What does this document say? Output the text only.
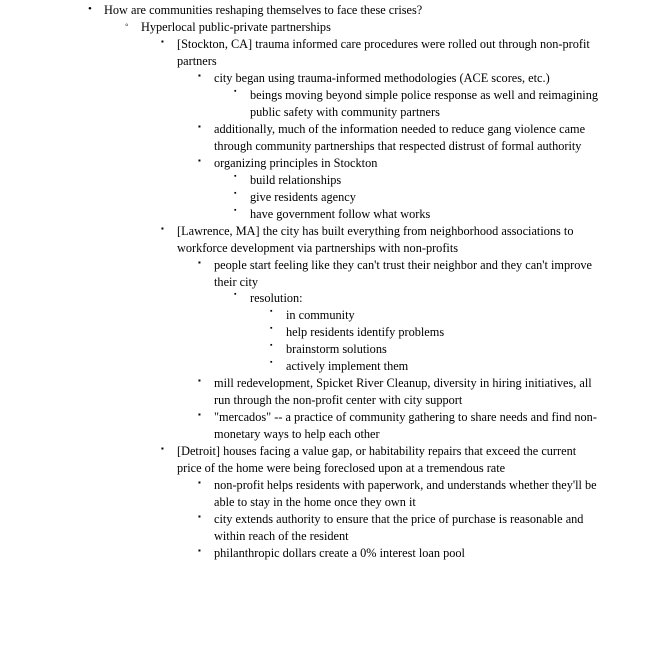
• How are communities reshaping themselves to face these crises?
◦	Hyperlocal public-private partnerships
▪	[Stockton, CA] trauma informed care procedures were rolled out through non-profit partners
▪	city began using trauma-informed methodologies (ACE scores, etc.)
▪	beings moving beyond simple police response as well and reimagining public safety with community partners
▪	additionally, much of the information needed to reduce gang violence came through community partnerships that respected distrust of formal authority
▪	organizing principles in Stockton
▪	build relationships
▪	give residents agency
▪	have government follow what works
▪	[Lawrence, MA] the city has built everything from neighborhood associations to workforce development via partnerships with non-profits
▪	people start feeling like they can't trust their neighbor and they can't improve their city
▪	resolution:
▪	in community
▪	help residents identify problems
▪	brainstorm solutions
▪	actively implement them
▪	mill redevelopment, Spicket River Cleanup, diversity in hiring initiatives, all run through the non-profit center with city support
▪	"mercados" -- a practice of community gathering to share needs and find non-monetary ways to help each other
▪	[Detroit] houses facing a value gap, or habitability repairs that exceed the current price of the home were being foreclosed upon at a tremendous rate
▪	non-profit helps residents with paperwork, and understands whether they'll be able to stay in the home once they own it
▪	city extends authority to ensure that the price of purchase is reasonable and within reach of the resident
▪	philanthropic dollars create a 0% interest loan pool
